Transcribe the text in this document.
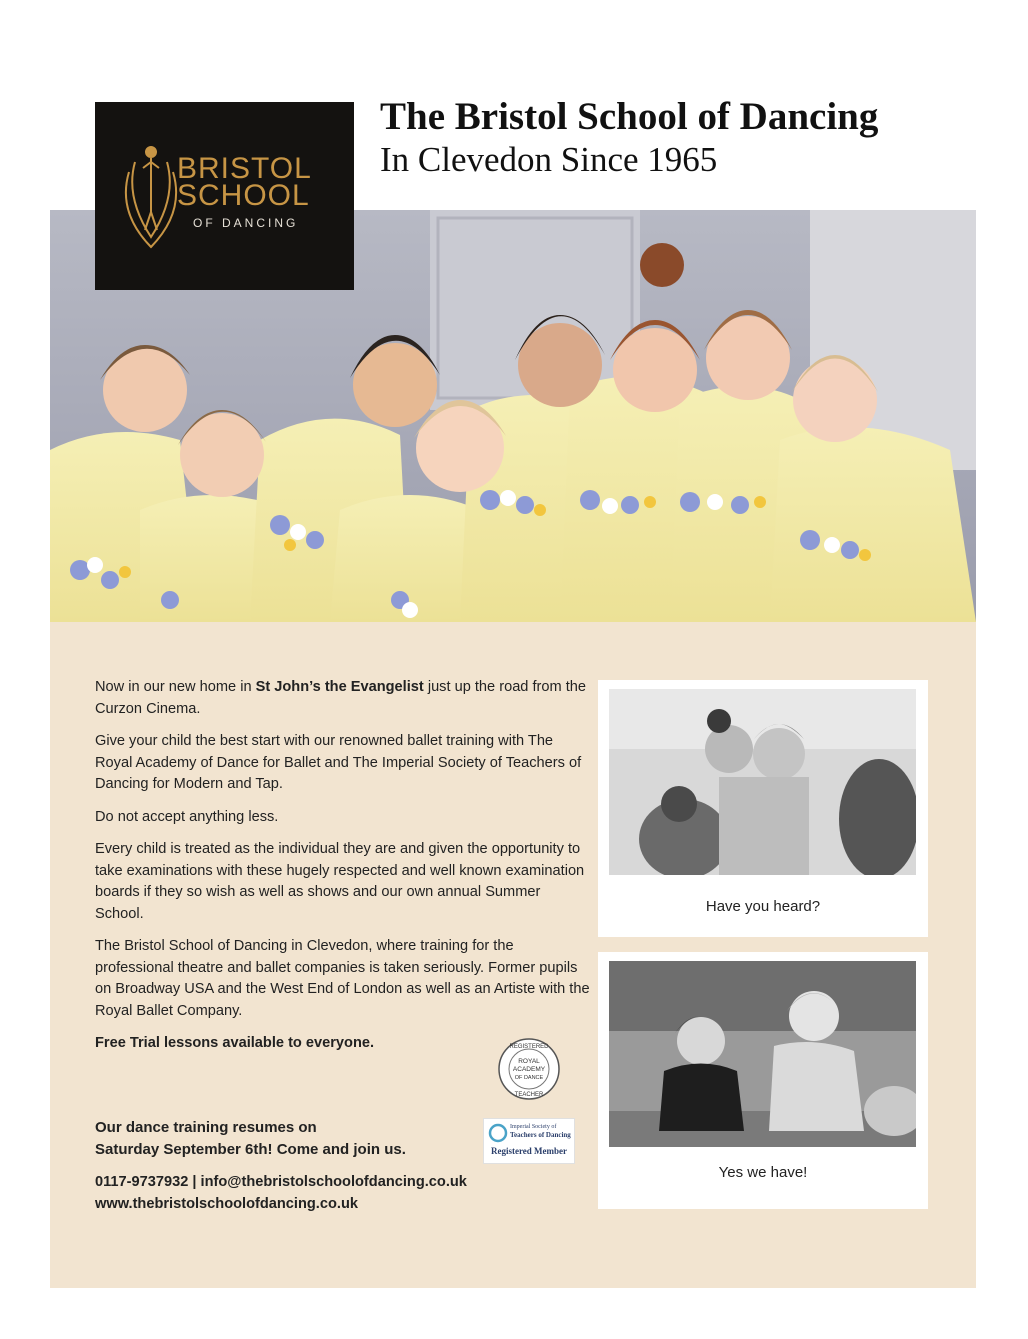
The Bristol School of Dancing
In Clevedon Since 1965
BRISTOL
SCHOOL
OF DANCING

Now in our new home in St John’s the Evangelist just up the road from the Curzon Cinema.

Give your child the best start with our renowned ballet training with The Royal Academy of Dance for Ballet and The Imperial Society of Teachers of Dancing for Modern and Tap.

Do not accept anything less.

Every child is treated as the individual they are and given the opportunity to take examinations with these hugely respected and well known examination boards if they so wish as well as shows and our own annual Summer School.

The Bristol School of Dancing in Clevedon, where training for the professional theatre and ballet companies is taken seriously. Former pupils on Broadway USA and the West End of London as well as an Artiste with the Royal Ballet Company.

Free Trial lessons available to everyone.

Our dance training resumes on
Saturday September 6th! Come and join us.
0117-9737932 | info@thebristolschoolofdancing.co.uk
www.thebristolschoolofdancing.co.uk
REGISTERED
ROYAL
ACADEMY
OF DANCE
TEACHER
Imperial Society of
Teachers of Dancing
Registered Member
Have you heard?
Yes we have!
